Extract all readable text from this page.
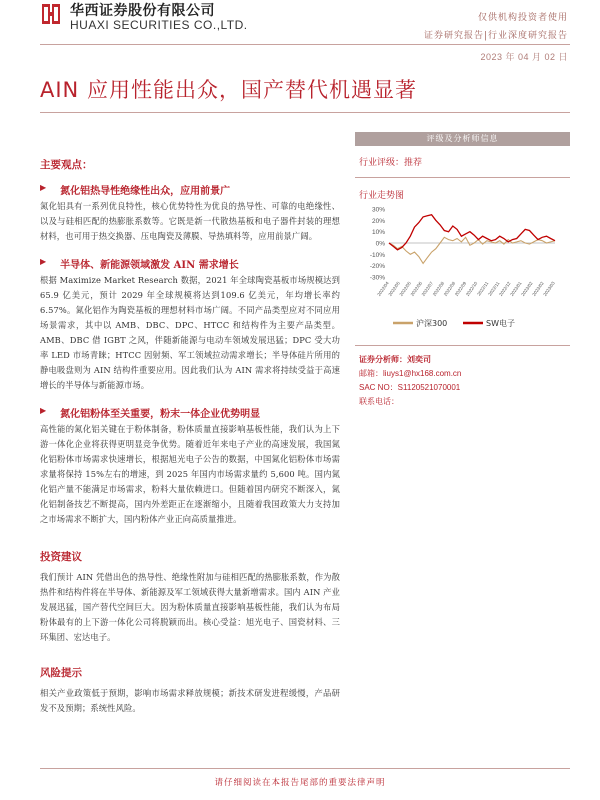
华西证券股份有限公司
HUAXI SECURITIES CO.,LTD.	仅供机构投资者使用
证券研究报告|行业深度研究报告
2023 年 04 月 02 日
AIN 应用性能出众，国产替代机遇显著
主要观点：
▶ 氮化铝热导性绝缘性出众，应用前景广
氮化铝具有一系列优良特性，核心优势特性为优良的热导性、可靠的电绝缘性、以及与硅相匹配的热膨胀系数等。它既是新一代散热基板和电子器件封装的理想材料，也可用于热交换器、压电陶瓷及薄膜、导热填料等，应用前景广阔。
▶ 半导体、新能源领域激发 AIN 需求增长
根据 Maximize Market Research 数据，2021 年全球陶瓷基板市场规模达到 65.9 亿美元，预计 2029 年全球规模将达到109.6 亿美元，年均增长率约 6.57%。氮化铝作为陶瓷基板的理想材料市场广阔。不同产品类型应对不同应用场景需求，其中以 AMB、DBC、DPC、HTCC 和结构件为主要产品类型。AMB、DBC 借 IGBT 之风，伴随新能源与电动车领域发展迅猛；DPC 受大功率 LED 市场青睐；HTCC 因射频、军工领域拉动需求增长；半导体硅片所用的静电吸盘则为 AIN 结构件重要应用。因此我们认为 AIN 需求将持续受益于高速增长的半导体与新能源市场。
▶ 氮化铝粉体至关重要，粉末一体企业优势明显
高性能的氮化铝关键在于粉体制备，粉体质量直接影响基板性能，我们认为上下游一体化企业将获得更明显竞争优势。随着近年来电子产业的高速发展，我国氮化铝粉体市场需求快速增长，根据旭光电子公告的数据，中国氮化铝粉体市场需求量将保持 15%左右的增速，到 2025 年国内市场需求量约 5,600 吨。国内氮化铝产量不能满足市场需求，粉料大量依赖进口。但随着国内研究不断深入，氮化铝制备技艺不断提高，国内外差距正在逐渐缩小，且随着我国政策大力支持加之市场需求不断扩大，国内粉体产业正向高质量推进。
投资建议
我们预计 AIN 凭借出色的热导性、绝缘性附加与硅相匹配的热膨胀系数，作为散热件和结构件将在半导体、新能源及军工领域获得大量新增需求。国内 AIN 产业发展迅猛，国产替代空间巨大。因为粉体质量直接影响基板性能，我们认为布局粉体最有的上下游一体化公司将脱颖而出。核心受益：旭光电子、国瓷材料、三环集团、宏达电子。
风险提示
相关产业政策低于预期，影响市场需求释放规模；新技术研发进程缓慢，产品研发不及预期；系统性风险。
评级及分析师信息
行业评级：推荐
行业走势图
30%
20%
10%
0%
-10%
-20%
-30%
2022/04
2022/05
2022/05
2022/06
2022/07
2022/08
2022/08
2022/09
2022/10
2022/11
2022/11
2022/12
2023/01
2023/02
2023/02
2023/03
沪深300	SW电子
证券分析师：刘奕司
邮箱：liuys1@hx168.com.cn
SAC NO：S1120521070001
联系电话：
请仔细阅读在本报告尾部的重要法律声明
